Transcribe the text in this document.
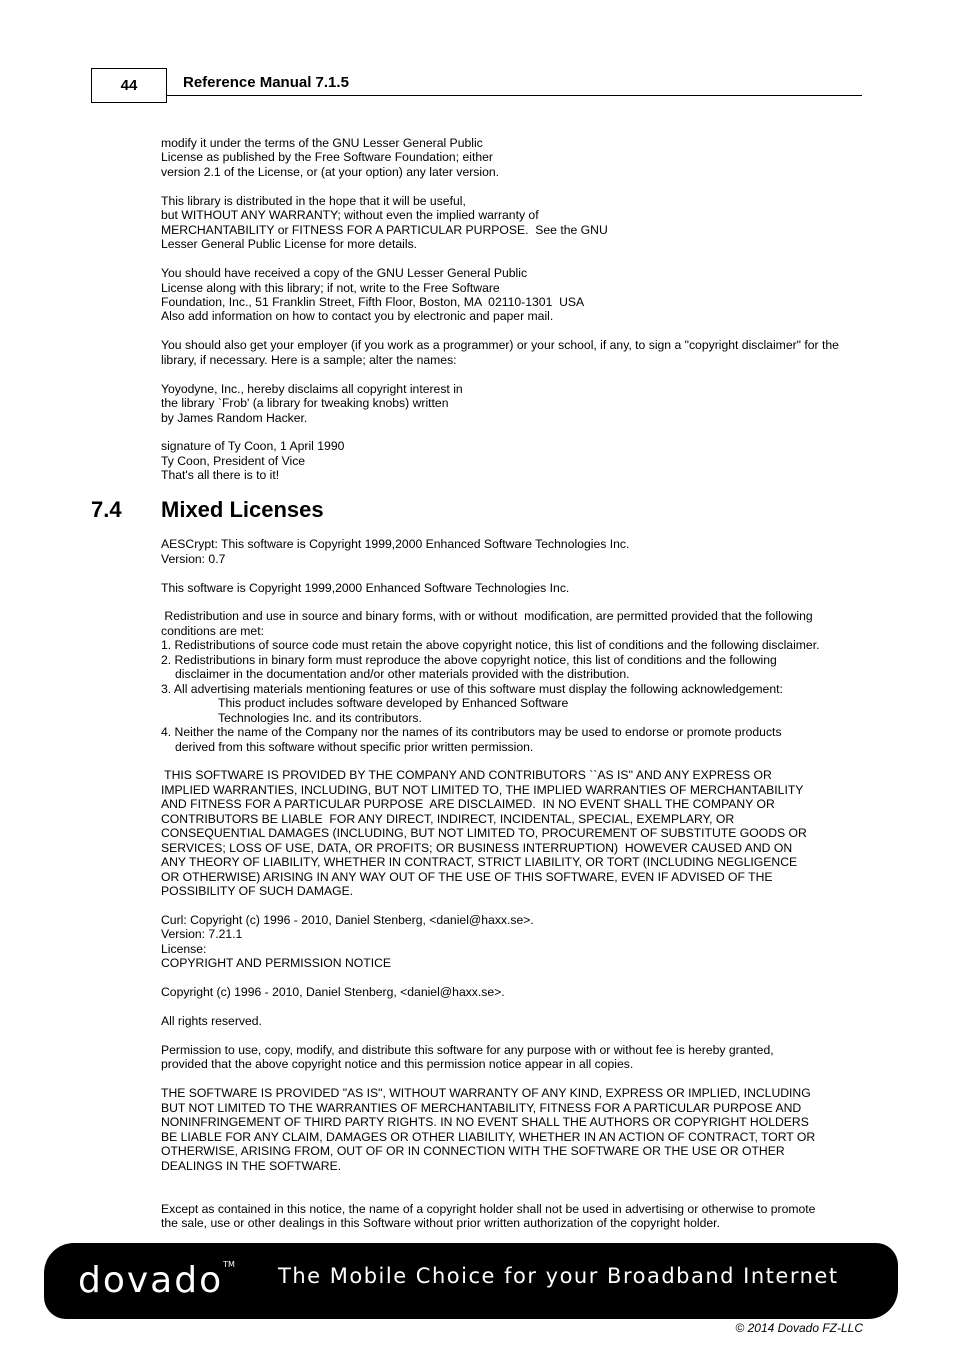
44	Reference Manual 7.1.5
modify it under the terms of the GNU Lesser General Public
License as published by the Free Software Foundation; either
version 2.1 of the License, or (at your option) any later version.
This library is distributed in the hope that it will be useful,
but WITHOUT ANY WARRANTY; without even the implied warranty of
MERCHANTABILITY or FITNESS FOR A PARTICULAR PURPOSE.  See the GNU
Lesser General Public License for more details.
You should have received a copy of the GNU Lesser General Public
License along with this library; if not, write to the Free Software
Foundation, Inc., 51 Franklin Street, Fifth Floor, Boston, MA  02110-1301  USA
Also add information on how to contact you by electronic and paper mail.
You should also get your employer (if you work as a programmer) or your school, if any, to sign a "copyright disclaimer" for the library, if necessary. Here is a sample; alter the names:
Yoyodyne, Inc., hereby disclaims all copyright interest in
the library `Frob' (a library for tweaking knobs) written
by James Random Hacker.
signature of Ty Coon, 1 April 1990
Ty Coon, President of Vice
That's all there is to it!
7.4 Mixed Licenses
AESCrypt: This software is Copyright 1999,2000 Enhanced Software Technologies Inc.
Version: 0.7
This software is Copyright 1999,2000 Enhanced Software Technologies Inc.
Redistribution and use in source and binary forms, with or without  modification, are permitted provided that the following conditions are met:
1. Redistributions of source code must retain the above copyright notice, this list of conditions and the following disclaimer.
2. Redistributions in binary form must reproduce the above copyright notice, this list of conditions and the following
disclaimer in the documentation and/or other materials provided with the distribution.
3. All advertising materials mentioning features or use of this software must display the following acknowledgement:
This product includes software developed by Enhanced Software
Technologies Inc. and its contributors.
4. Neither the name of the Company nor the names of its contributors may be used to endorse or promote products
derived from this software without specific prior written permission.
THIS SOFTWARE IS PROVIDED BY THE COMPANY AND CONTRIBUTORS ``AS IS'' AND ANY EXPRESS OR
IMPLIED WARRANTIES, INCLUDING, BUT NOT LIMITED TO, THE IMPLIED WARRANTIES OF MERCHANTABILITY
AND FITNESS FOR A PARTICULAR PURPOSE  ARE DISCLAIMED.  IN NO EVENT SHALL THE COMPANY OR
CONTRIBUTORS BE LIABLE  FOR ANY DIRECT, INDIRECT, INCIDENTAL, SPECIAL, EXEMPLARY, OR
CONSEQUENTIAL DAMAGES (INCLUDING, BUT NOT LIMITED TO, PROCUREMENT OF SUBSTITUTE GOODS OR
SERVICES; LOSS OF USE, DATA, OR PROFITS; OR BUSINESS INTERRUPTION)  HOWEVER CAUSED AND ON
ANY THEORY OF LIABILITY, WHETHER IN CONTRACT, STRICT LIABILITY, OR TORT (INCLUDING NEGLIGENCE
OR OTHERWISE) ARISING IN ANY WAY OUT OF THE USE OF THIS SOFTWARE, EVEN IF ADVISED OF THE
POSSIBILITY OF SUCH DAMAGE.
Curl: Copyright (c) 1996 - 2010, Daniel Stenberg, <daniel@haxx.se>.
Version: 7.21.1
License:
COPYRIGHT AND PERMISSION NOTICE
Copyright (c) 1996 - 2010, Daniel Stenberg, <daniel@haxx.se>.
All rights reserved.
Permission to use, copy, modify, and distribute this software for any purpose with or without fee is hereby granted,
provided that the above copyright notice and this permission notice appear in all copies.
THE SOFTWARE IS PROVIDED "AS IS", WITHOUT WARRANTY OF ANY KIND, EXPRESS OR IMPLIED, INCLUDING
BUT NOT LIMITED TO THE WARRANTIES OF MERCHANTABILITY, FITNESS FOR A PARTICULAR PURPOSE AND
NONINFRINGEMENT OF THIRD PARTY RIGHTS. IN NO EVENT SHALL THE AUTHORS OR COPYRIGHT HOLDERS
BE LIABLE FOR ANY CLAIM, DAMAGES OR OTHER LIABILITY, WHETHER IN AN ACTION OF CONTRACT, TORT OR
OTHERWISE, ARISING FROM, OUT OF OR IN CONNECTION WITH THE SOFTWARE OR THE USE OR OTHER
DEALINGS IN THE SOFTWARE.
Except as contained in this notice, the name of a copyright holder shall not be used in advertising or otherwise to promote
the sale, use or other dealings in this Software without prior written authorization of the copyright holder.
dovado™ The Mobile Choice for your Broadband Internet
© 2014 Dovado FZ-LLC
